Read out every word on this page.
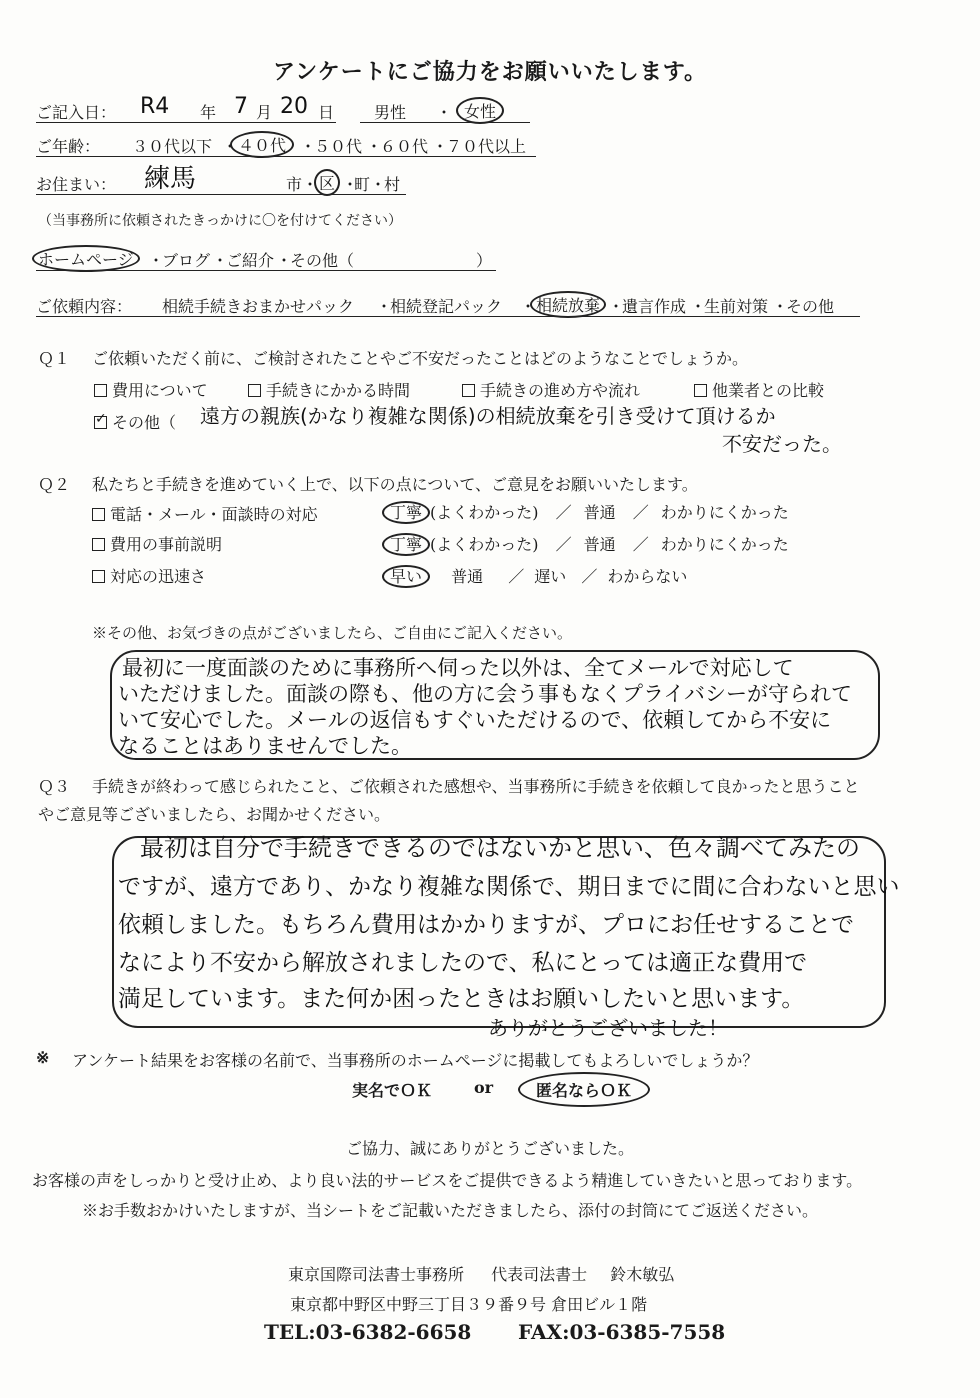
アンケートにご協力をお願いいたします。
ご記入日： R4 年 7 月 20 日 男性 ・ 女性
ご年齢： ３０代以下 ・ ４０代 ・
５０代 ・
６０代 ・
７０代以上
お住まい： 練馬	市 ・ 区 ・
町 ・
村
（当事務所に依頼されたきっかけに〇を付けてください）
ホームページ ・
ブログ ・
ご紹介 ・
その他（	）
ご依頼内容： 相続手続きおまかせパック ・
相続登記パック ・ 相続放棄 ・
遺言作成 ・
生前対策 ・
その他
Ｑ１ ご依頼いただく前に、ご検討されたことやご不安だったことはどのようなことでしょうか。
費用について	手続きにかかる時間	手続きの進め方や流れ	他業者との比較
✓その他（ 遠方の親族(かなり複雑な関係)の相続放棄を引き受けて頂けるか
不安だった。
Ｑ２ 私たちと手続きを進めていく上で、以下の点について、ご意見をお願いいたします。
電話・メール・面談時の対応	丁寧 (よくわかった) ／ 普通 ／ わかりにくかった
費用の事前説明	丁寧 (よくわかった) ／ 普通 ／ わかりにくかった
対応の迅速さ	早い 普通 ／ 遅い ／ わからない
※その他、お気づきの点がございましたら、ご自由にご記入ください。
最初に一度面談のために事務所へ伺った以外は、全てメールで対応して
いただけました。面談の際も、他の方に会う事もなくプライバシーが守られて
いて安心でした。メールの返信もすぐいただけるので、依頼してから不安に
なることはありませんでした。
Ｑ３ 手続きが終わって感じられたこと、ご依頼された感想や、当事務所に手続きを依頼して良かったと思うこと
やご意見等ございましたら、お聞かせください。
最初は自分で手続きできるのではないかと思い、色々調べてみたの
ですが、遠方であり、かなり複雑な関係で、期日までに間に合わないと思い
依頼しました。もちろん費用はかかりますが、プロにお任せすることで
なにより不安から解放されましたので、私にとっては適正な費用で
満足しています。また何か困ったときはお願いしたいと思います。
ありがとうございました！
※ アンケート結果をお客様の名前で、当事務所のホームページに掲載してもよろしいでしょうか？
実名でＯＫ	or	匿名ならＯＫ
ご協力、誠にありがとうございました。
お客様の声をしっかりと受け止め、より良い法的サービスをご提供できるよう精進していきたいと思っております。
※お手数おかけいたしますが、当シートをご記載いただきましたら、添付の封筒にてご返送ください。
東京国際司法書士事務所 代表司法書士 鈴木敏弘
東京都中野区中野三丁目３９番９号 倉田ビル１階
TEL:03-6382-6658 FAX:03-6385-7558
